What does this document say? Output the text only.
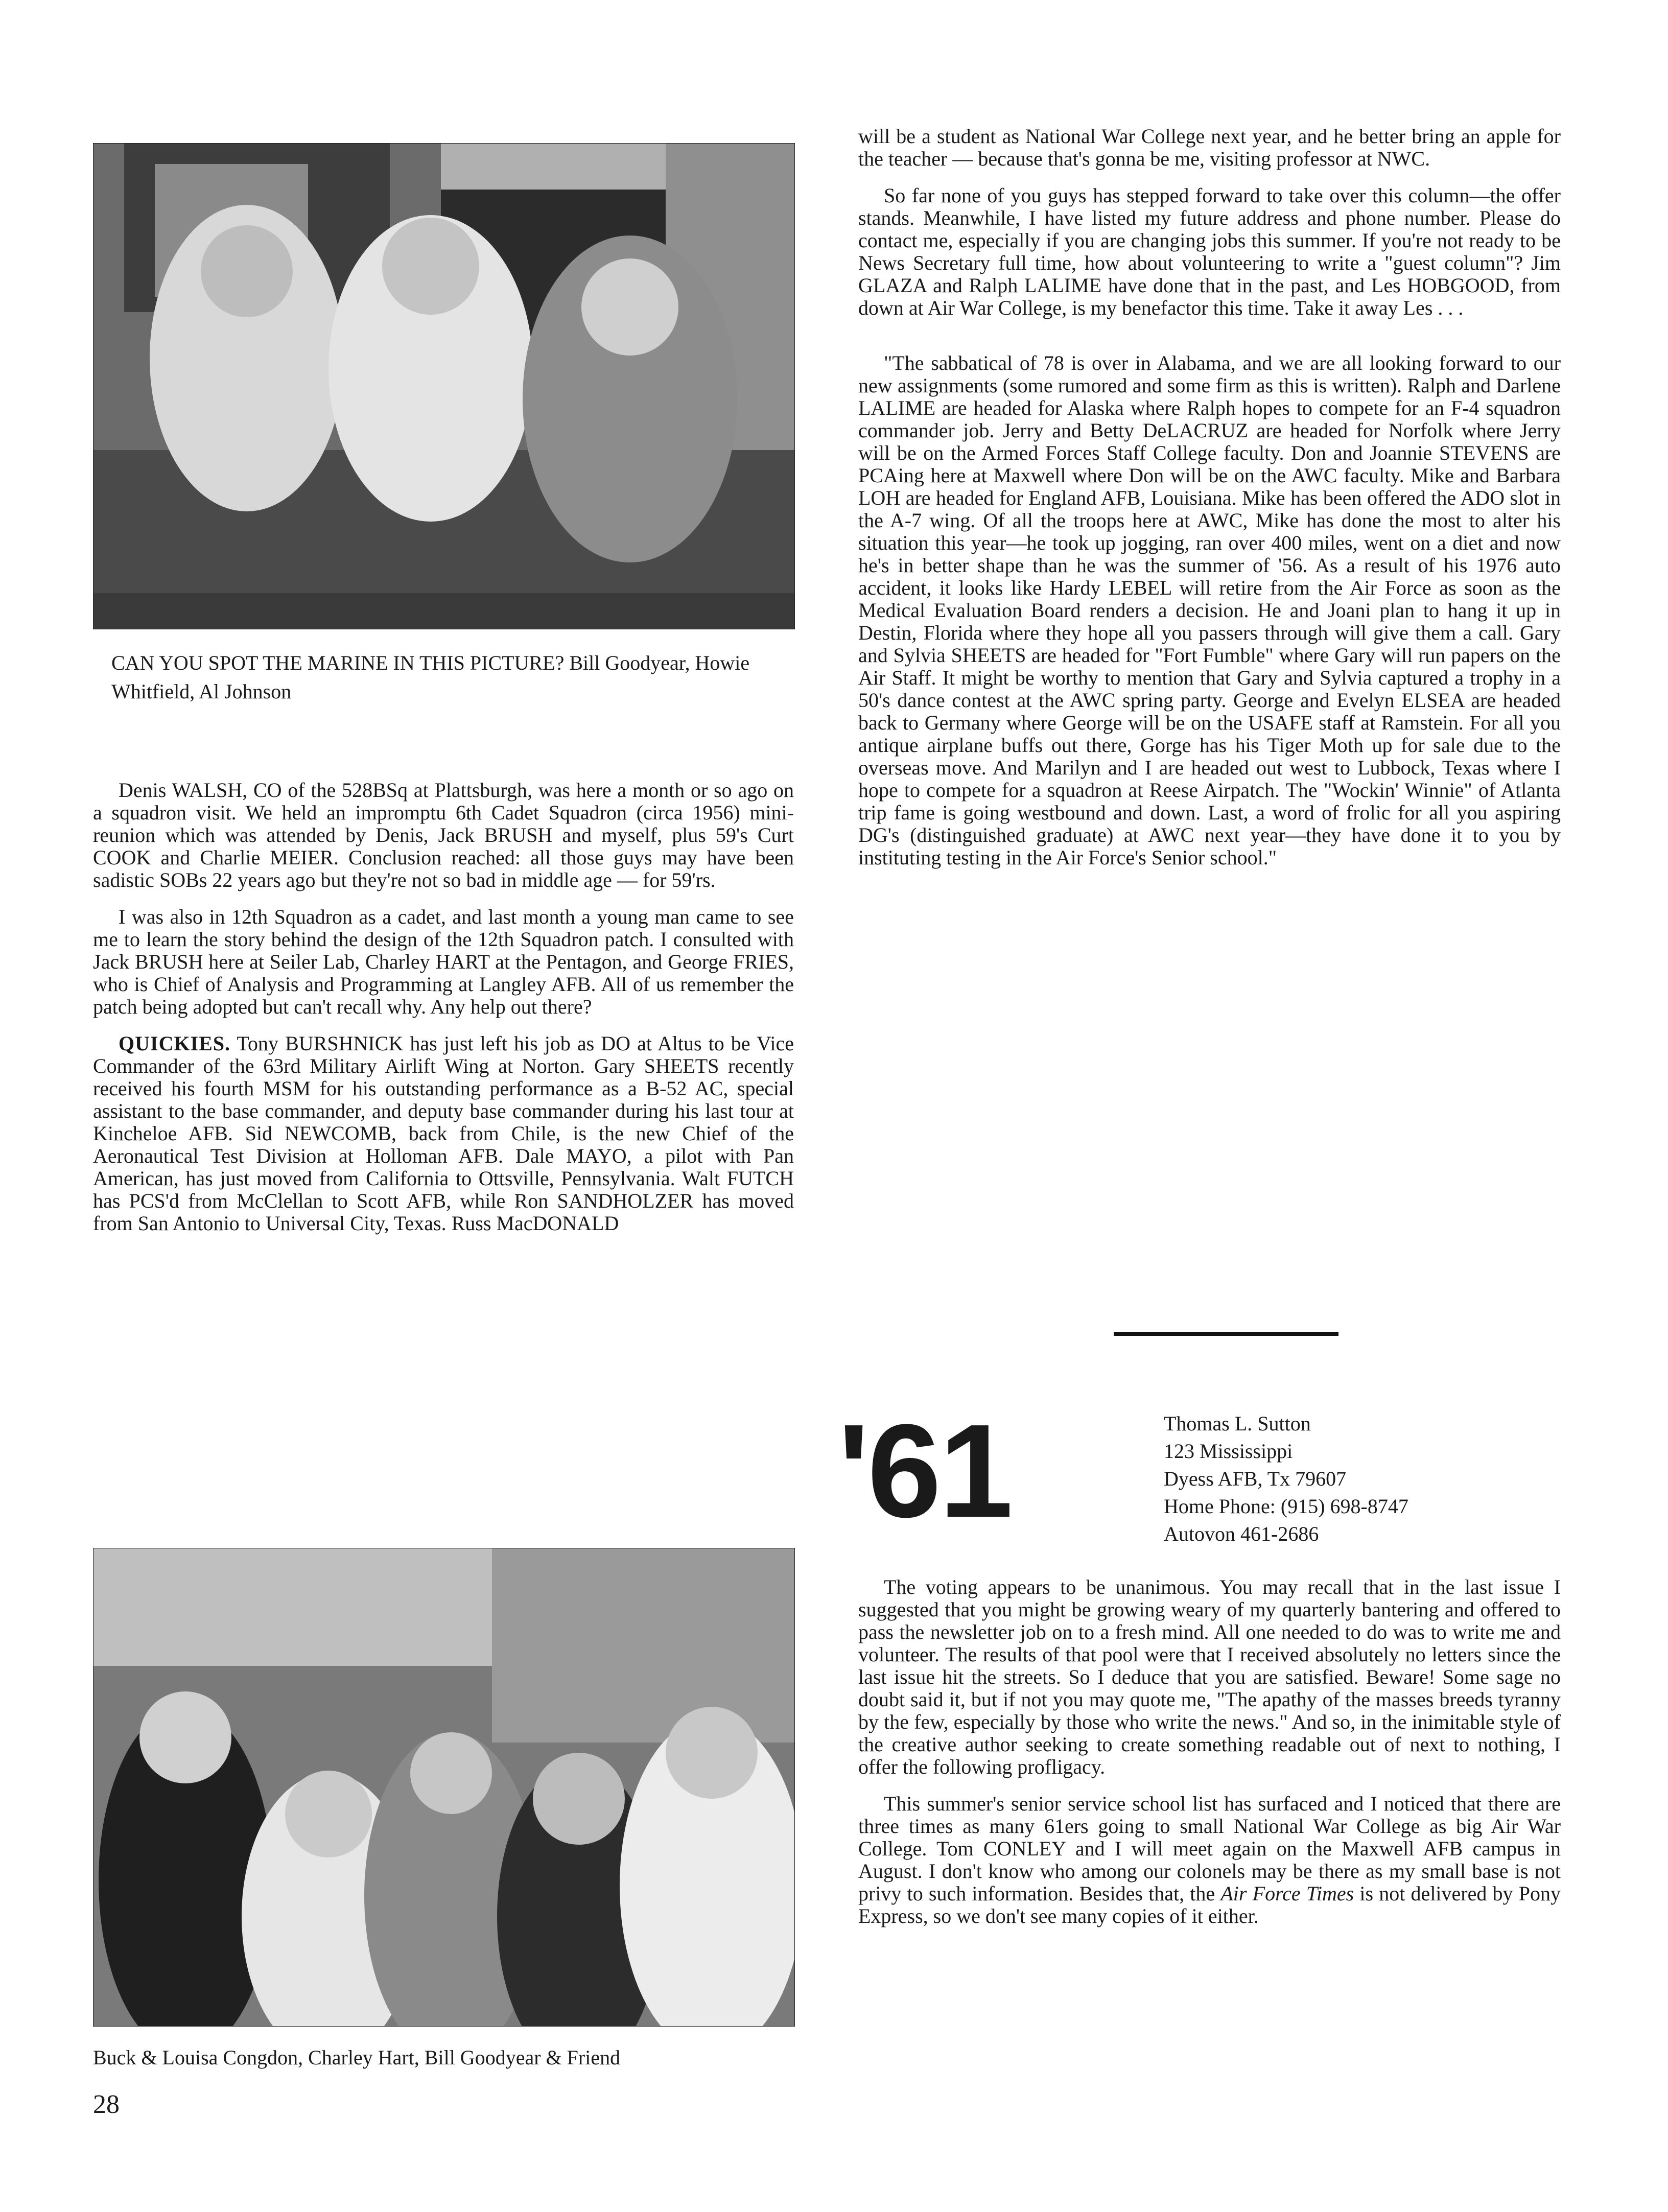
CAN YOU SPOT THE MARINE IN THIS PICTURE? Bill Goodyear, Howie Whitfield, Al Johnson

Denis WALSH, CO of the 528BSq at Plattsburgh, was here a month or so ago on a squadron visit. We held an impromptu 6th Cadet Squadron (circa 1956) mini-reunion which was attended by Denis, Jack BRUSH and myself, plus 59's Curt COOK and Charlie MEIER. Conclusion reached: all those guys may have been sadistic SOBs 22 years ago but they're not so bad in middle age — for 59'rs.

I was also in 12th Squadron as a cadet, and last month a young man came to see me to learn the story behind the design of the 12th Squadron patch. I consulted with Jack BRUSH here at Seiler Lab, Charley HART at the Pentagon, and George FRIES, who is Chief of Analysis and Programming at Langley AFB. All of us remember the patch being adopted but can't recall why. Any help out there?

QUICKIES. Tony BURSHNICK has just left his job as DO at Altus to be Vice Commander of the 63rd Military Airlift Wing at Norton. Gary SHEETS recently received his fourth MSM for his outstanding performance as a B-52 AC, special assistant to the base commander, and deputy base commander during his last tour at Kincheloe AFB. Sid NEWCOMB, back from Chile, is the new Chief of the Aeronautical Test Division at Holloman AFB. Dale MAYO, a pilot with Pan American, has just moved from California to Ottsville, Pennsylvania. Walt FUTCH has PCS'd from McClellan to Scott AFB, while Ron SANDHOLZER has moved from San Antonio to Universal City, Texas. Russ MacDONALD

Buck & Louisa Congdon, Charley Hart, Bill Goodyear & Friend
28

will be a student as National War College next year, and he better bring an apple for the teacher — because that's gonna be me, visiting professor at NWC.

So far none of you guys has stepped forward to take over this column—the offer stands. Meanwhile, I have listed my future address and phone number. Please do contact me, especially if you are changing jobs this summer. If you're not ready to be News Secretary full time, how about volunteering to write a "guest column"? Jim GLAZA and Ralph LALIME have done that in the past, and Les HOBGOOD, from down at Air War College, is my benefactor this time. Take it away Les . . .

"The sabbatical of 78 is over in Alabama, and we are all looking forward to our new assignments (some rumored and some firm as this is written). Ralph and Darlene LALIME are headed for Alaska where Ralph hopes to compete for an F-4 squadron commander job. Jerry and Betty DeLACRUZ are headed for Norfolk where Jerry will be on the Armed Forces Staff College faculty. Don and Joannie STEVENS are PCAing here at Maxwell where Don will be on the AWC faculty. Mike and Barbara LOH are headed for England AFB, Louisiana. Mike has been offered the ADO slot in the A-7 wing. Of all the troops here at AWC, Mike has done the most to alter his situation this year—he took up jogging, ran over 400 miles, went on a diet and now he's in better shape than he was the summer of '56. As a result of his 1976 auto accident, it looks like Hardy LEBEL will retire from the Air Force as soon as the Medical Evaluation Board renders a decision. He and Joani plan to hang it up in Destin, Florida where they hope all you passers through will give them a call. Gary and Sylvia SHEETS are headed for "Fort Fumble" where Gary will run papers on the Air Staff. It might be worthy to mention that Gary and Sylvia captured a trophy in a 50's dance contest at the AWC spring party. George and Evelyn ELSEA are headed back to Germany where George will be on the USAFE staff at Ramstein. For all you antique airplane buffs out there, Gorge has his Tiger Moth up for sale due to the overseas move. And Marilyn and I are headed out west to Lubbock, Texas where I hope to compete for a squadron at Reese Airpatch. The "Wockin' Winnie" of Atlanta trip fame is going westbound and down. Last, a word of frolic for all you aspiring DG's (distinguished graduate) at AWC next year—they have done it to you by instituting testing in the Air Force's Senior school."

'61	Thomas L. Sutton
123 Mississippi
Dyess AFB, Tx 79607
Home Phone: (915) 698-8747
Autovon 461-2686

The voting appears to be unanimous. You may recall that in the last issue I suggested that you might be growing weary of my quarterly bantering and offered to pass the newsletter job on to a fresh mind. All one needed to do was to write me and volunteer. The results of that pool were that I received absolutely no letters since the last issue hit the streets. So I deduce that you are satisfied. Beware! Some sage no doubt said it, but if not you may quote me, "The apathy of the masses breeds tyranny by the few, especially by those who write the news." And so, in the inimitable style of the creative author seeking to create something readable out of next to nothing, I offer the following profligacy.

This summer's senior service school list has surfaced and I noticed that there are three times as many 61ers going to small National War College as big Air War College. Tom CONLEY and I will meet again on the Maxwell AFB campus in August. I don't know who among our colonels may be there as my small base is not privy to such information. Besides that, the Air Force Times is not delivered by Pony Express, so we don't see many copies of it either.
